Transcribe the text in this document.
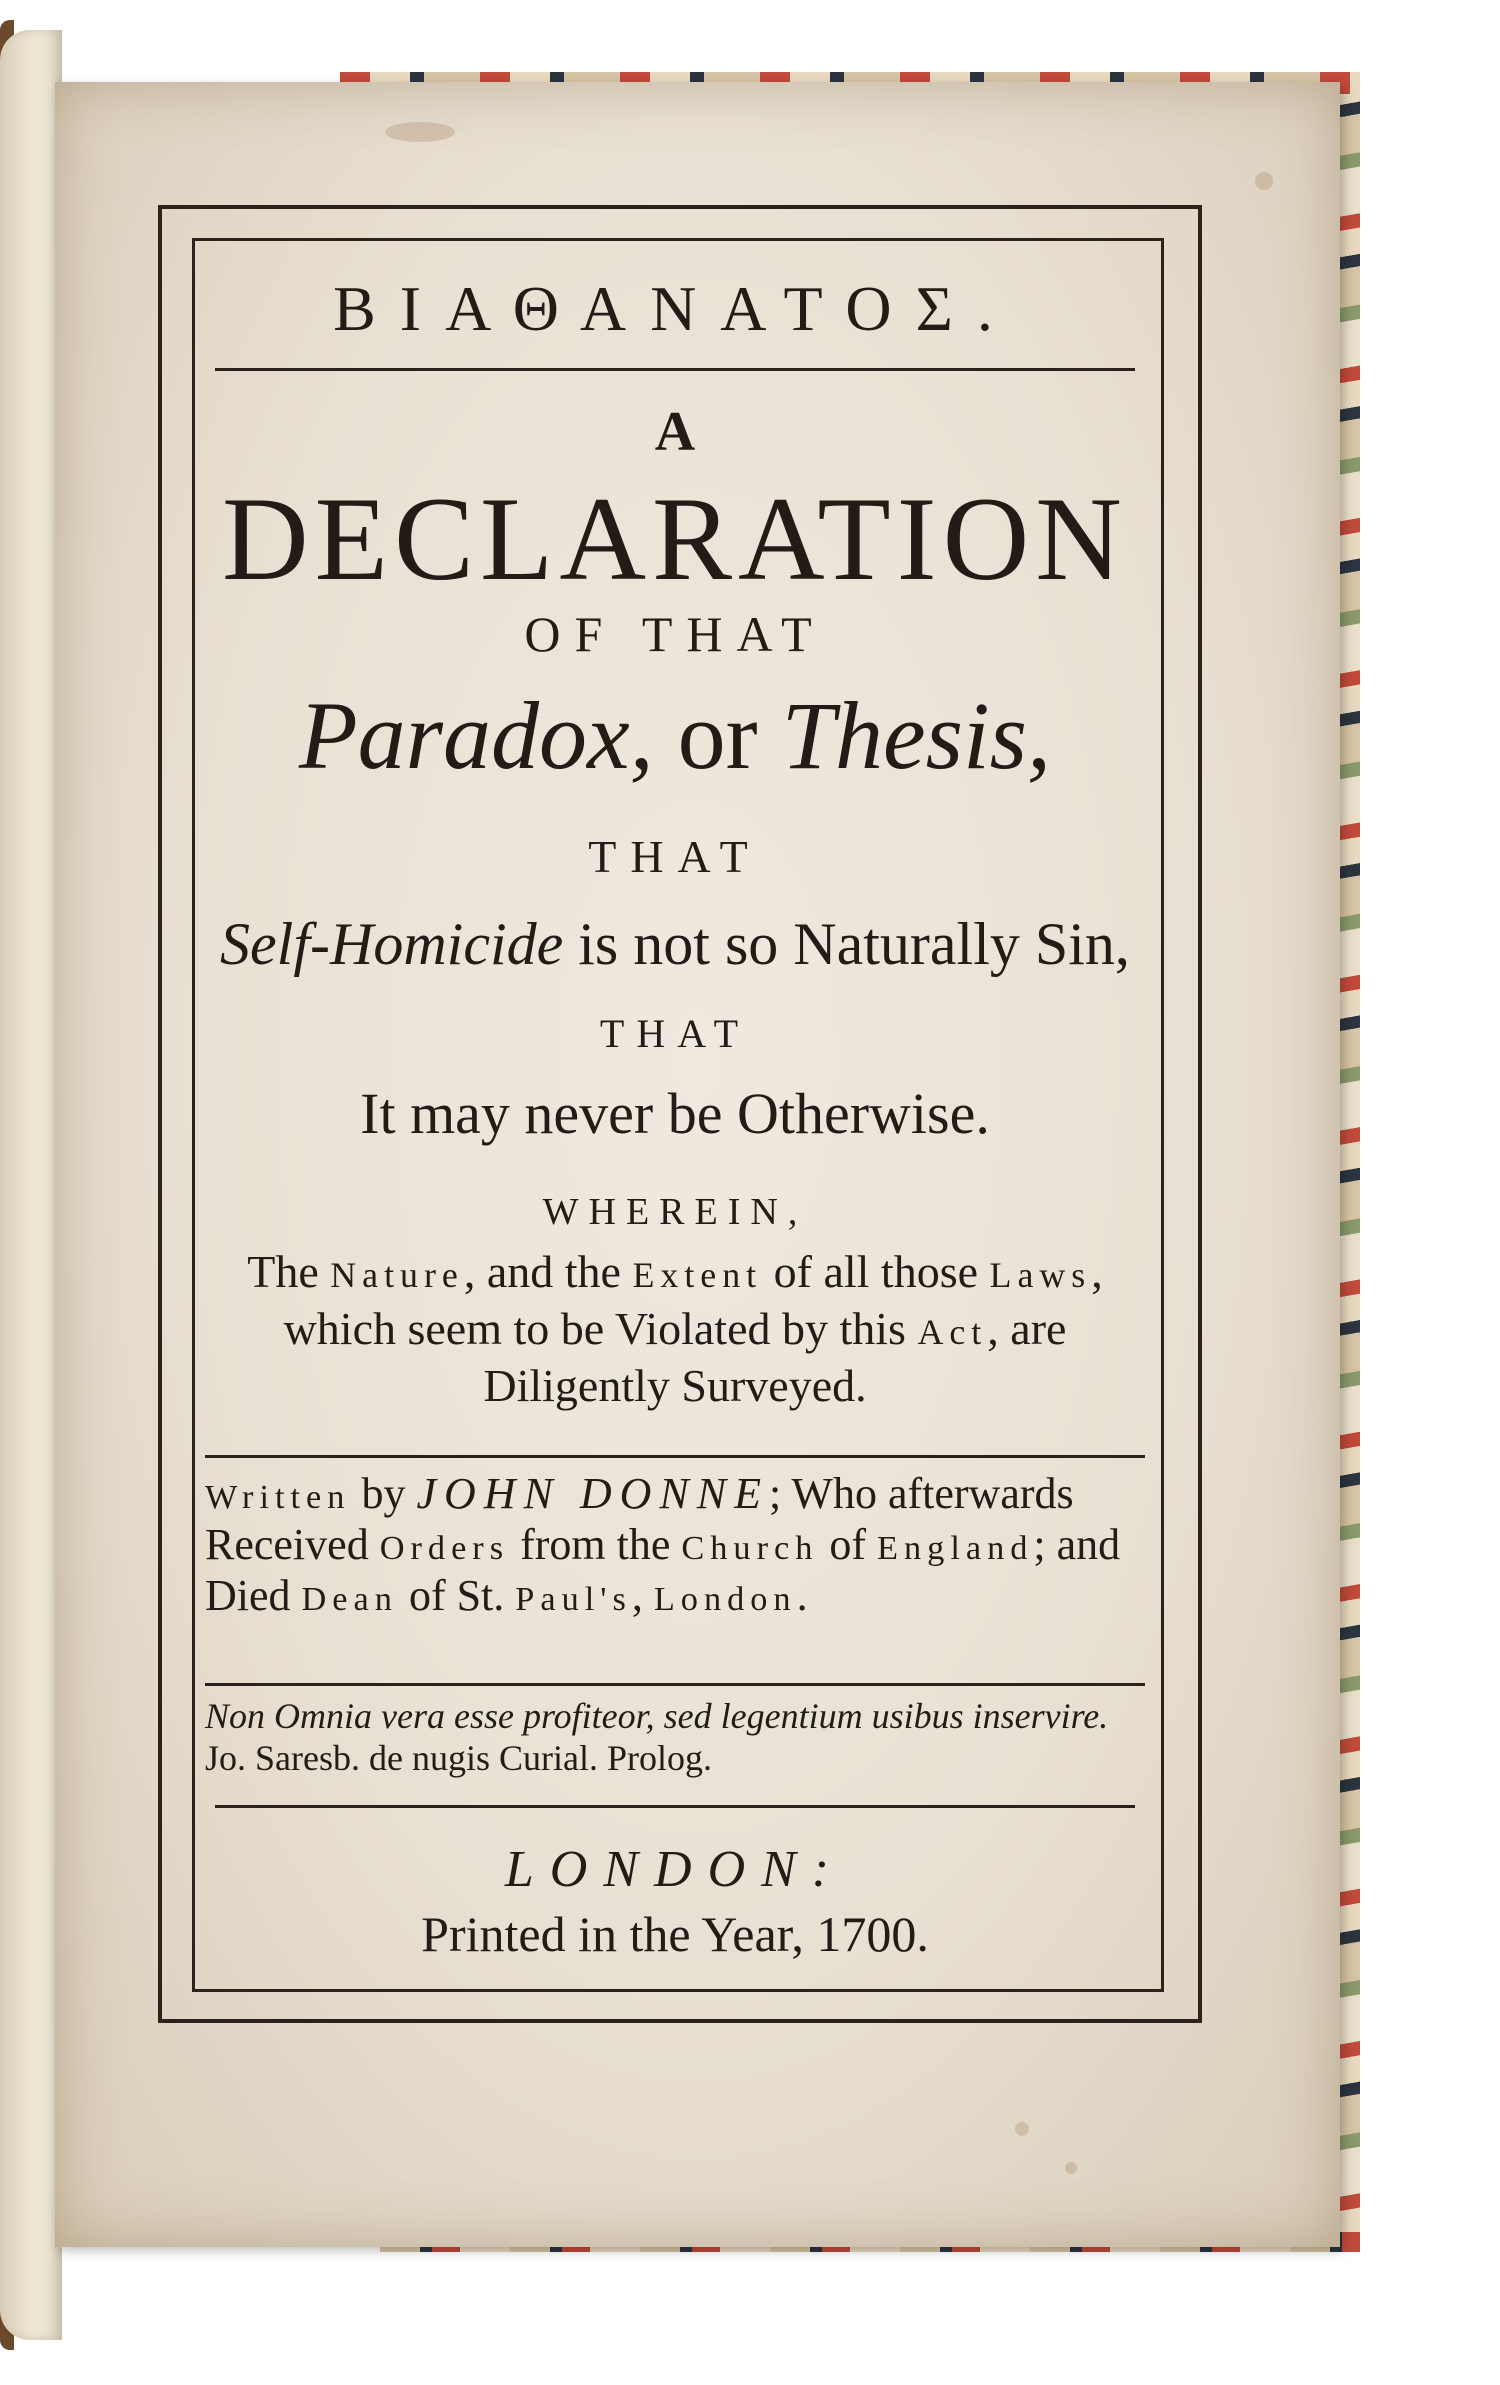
ΒΙΑΘΑΝΑΤΟΣ.
A
DECLARATION
OF THAT
Paradox, or Thesis,
THAT
Self-Homicide is not so Naturally Sin,
THAT
It may never be Otherwise.
WHEREIN,
The Nature, and the Extent of all those Laws, which seem to be Violated by this Act, are Diligently Surveyed.
Written by JOHN DONNE; Who afterwards Received Orders from the Church of England; and Died Dean of St. Paul's, London.
Non Omnia vera esse profiteor, sed legentium usibus inservire. Jo. Saresb. de nugis Curial. Prolog.
LONDON:
Printed in the Year, 1700.
